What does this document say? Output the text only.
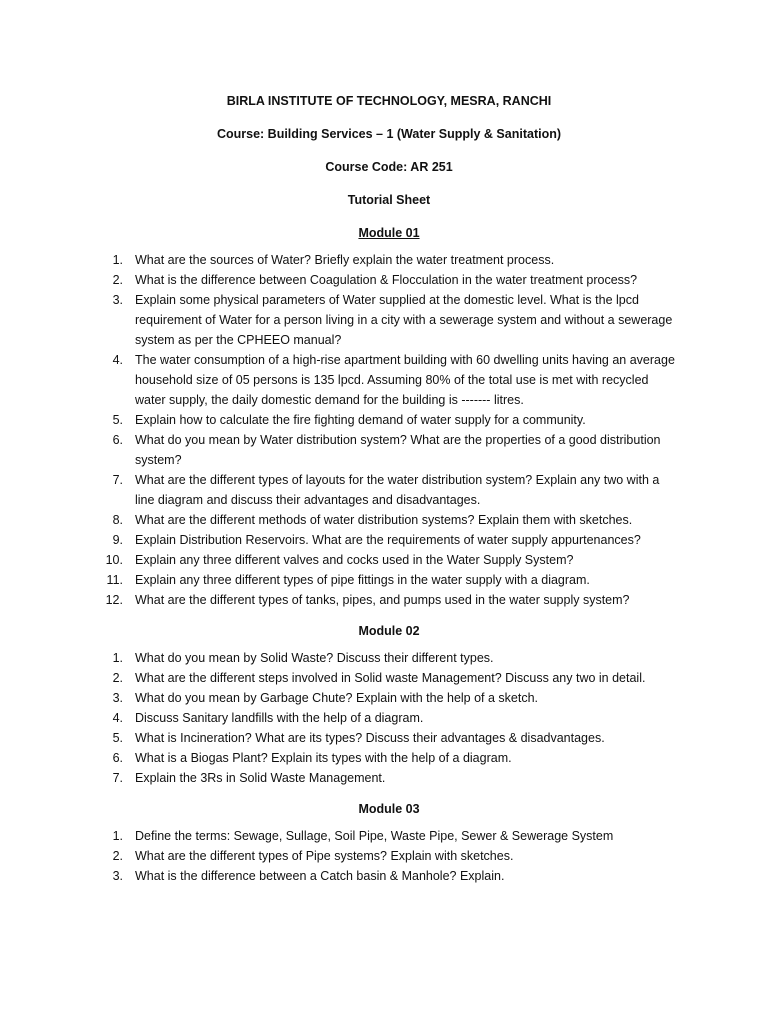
BIRLA INSTITUTE OF TECHNOLOGY, MESRA, RANCHI

Course: Building Services – 1 (Water Supply & Sanitation)

Course Code: AR 251

Tutorial Sheet

Module 01

1. What are the sources of Water? Briefly explain the water treatment process.
2. What is the difference between Coagulation & Flocculation in the water treatment process?
3. Explain some physical parameters of Water supplied at the domestic level. What is the lpcd requirement of Water for a person living in a city with a sewerage system and without a sewerage system as per the CPHEEO manual?
4. The water consumption of a high-rise apartment building with 60 dwelling units having an average household size of 05 persons is 135 lpcd. Assuming 80% of the total use is met with recycled water supply, the daily domestic demand for the building is ------- litres.
5. Explain how to calculate the fire fighting demand of water supply for a community.
6. What do you mean by Water distribution system? What are the properties of a good distribution system?
7. What are the different types of layouts for the water distribution system? Explain any two with a line diagram and discuss their advantages and disadvantages.
8. What are the different methods of water distribution systems? Explain them with sketches.
9. Explain Distribution Reservoirs. What are the requirements of water supply appurtenances?
10. Explain any three different valves and cocks used in the Water Supply System?
11. Explain any three different types of pipe fittings in the water supply with a diagram.
12. What are the different types of tanks, pipes, and pumps used in the water supply system?

Module 02

1. What do you mean by Solid Waste? Discuss their different types.
2. What are the different steps involved in Solid waste Management? Discuss any two in detail.
3. What do you mean by Garbage Chute? Explain with the help of a sketch.
4. Discuss Sanitary landfills with the help of a diagram.
5. What is Incineration? What are its types? Discuss their advantages & disadvantages.
6. What is a Biogas Plant? Explain its types with the help of a diagram.
7. Explain the 3Rs in Solid Waste Management.

Module 03

1. Define the terms: Sewage, Sullage, Soil Pipe, Waste Pipe, Sewer & Sewerage System
2. What are the different types of Pipe systems? Explain with sketches.
3. What is the difference between a Catch basin & Manhole? Explain.
